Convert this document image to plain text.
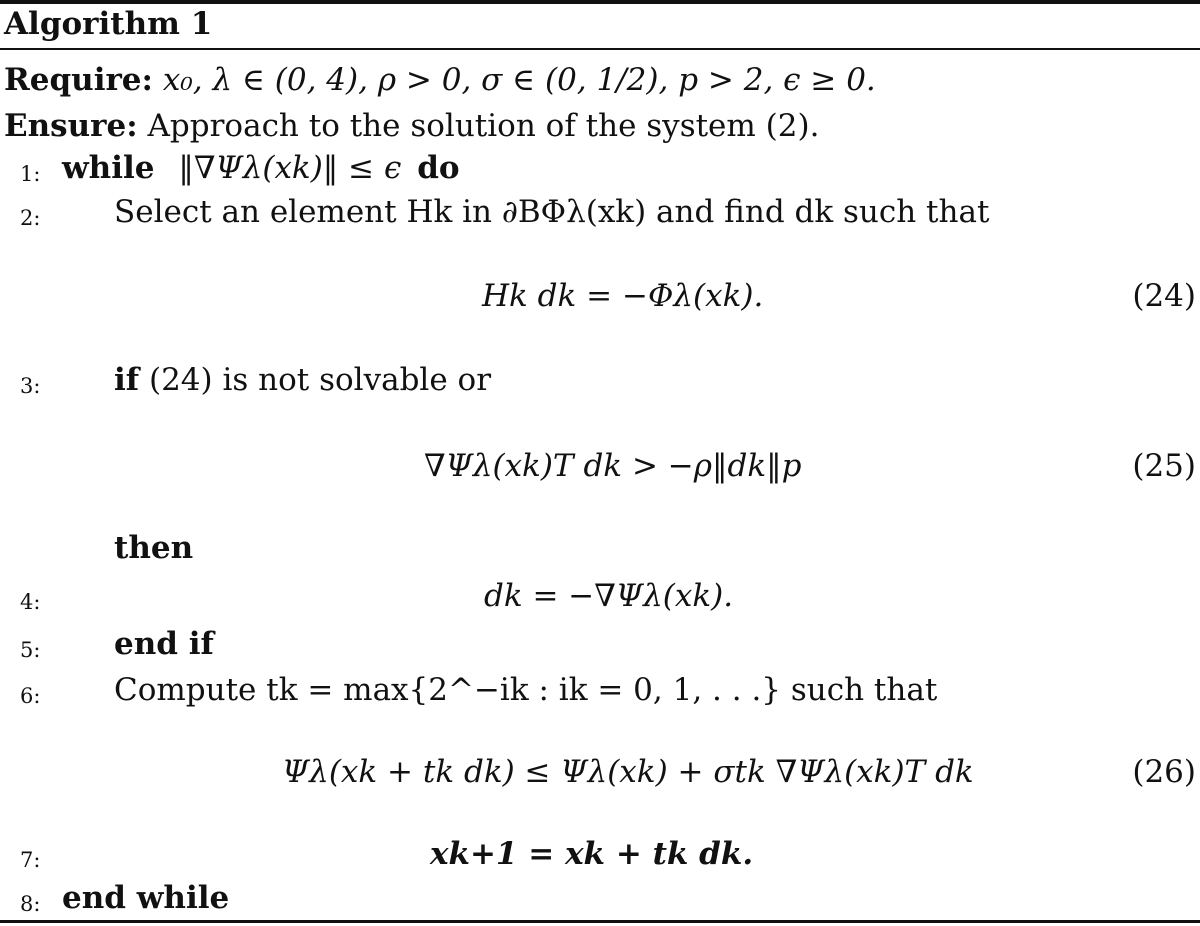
Algorithm 1
Require: x₀, λ ∈ (0, 4), ρ > 0, σ ∈ (0, 1/2), p > 2, ϵ ≥ 0.
Ensure: Approach to the solution of the system (2).
1: while ‖∇Ψλ(xk)‖ ≤ ϵ do
2: Select an element Hk in ∂BΦλ(xk) and find dk such that
Hk dk = −Φλ(xk).	(24)
3: if (24) is not solvable or
∇Ψλ(xk)T dk > −ρ‖dk‖p	(25)
then
4:	dk = −∇Ψλ(xk).
5: end if
6: Compute tk = max{2^−ik : ik = 0, 1, . . .} such that
Ψλ(xk + tk dk) ≤ Ψλ(xk) + σtk ∇Ψλ(xk)T dk	(26)
7:	xk+1 = xk + tk dk.
8: end while
